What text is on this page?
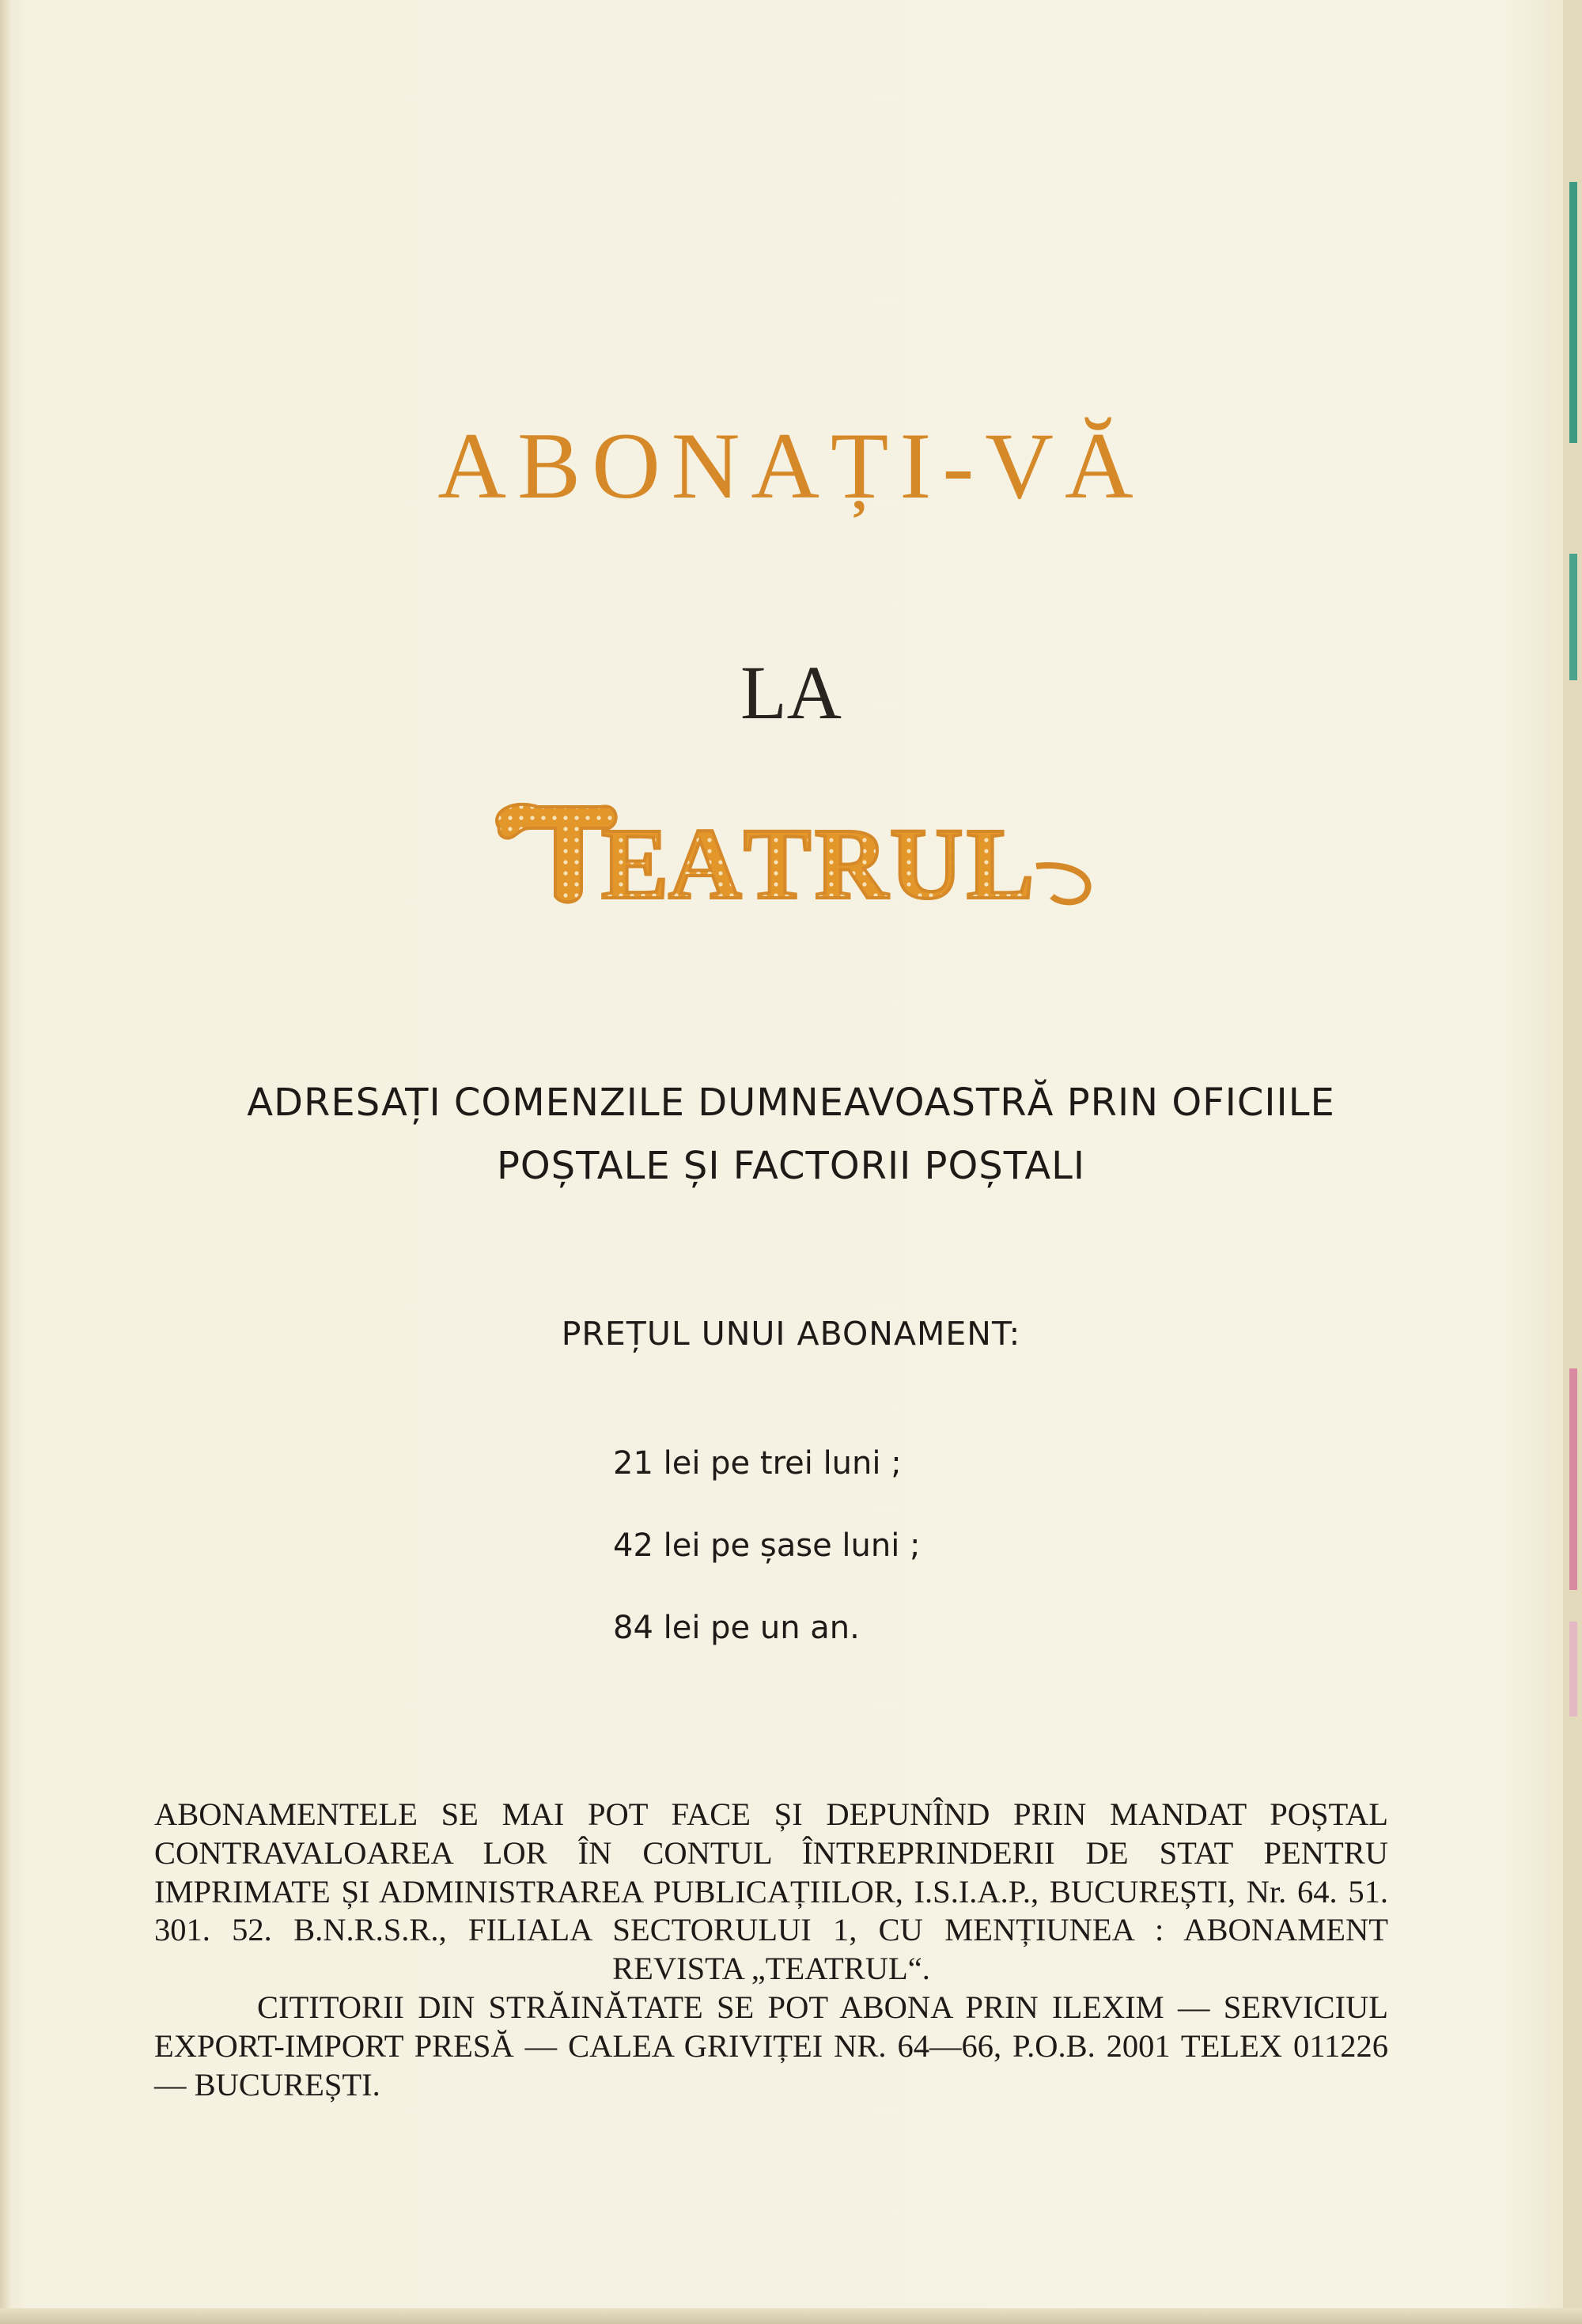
ABONAȚI-VĂ
LA
E A T R U L
ADRESAȚI COMENZILE DUMNEAVOASTRĂ PRIN OFICIILE
POȘTALE ȘI FACTORII POȘTALI
PREȚUL UNUI ABONAMENT:
21 lei pe trei luni ;
42 lei pe șase luni ;
84 lei pe un an.

ABONAMENTELE SE MAI POT FACE ȘI DEPUNÎND PRIN MANDAT POȘTAL CONTRAVALOAREA LOR ÎN CONTUL ÎNTREPRINDERII DE STAT PENTRU IMPRIMATE ȘI ADMINISTRAREA PUBLICAȚIILOR, I.S.I.A.P., BUCUREȘTI, Nr. 64. 51. 301. 52. B.N.R.S.R., FILIALA SECTORULUI 1, CU MENȚIUNEA : ABONAMENT REVISTA „TEATRUL“.

CITITORII DIN STRĂINĂTATE SE POT ABONA PRIN ILEXIM — SERVICIUL EXPORT-IMPORT PRESĂ — CALEA GRIVIȚEI NR. 64—66, P.O.B. 2001 TELEX 011226 — BUCUREȘTI.
